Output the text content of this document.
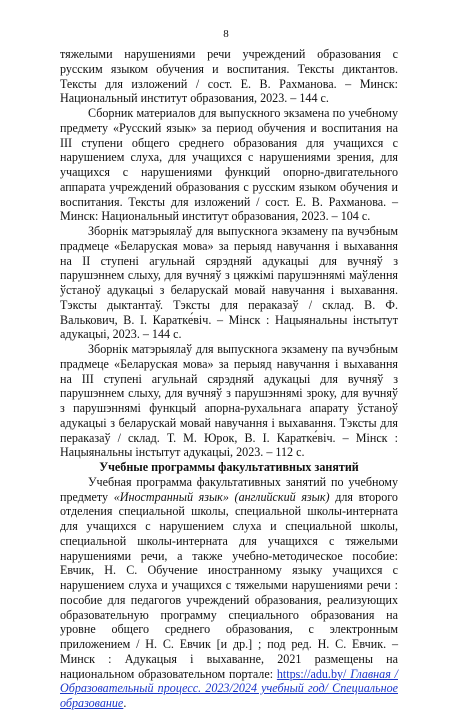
8

тяжелыми нарушениями речи учреждений образования с русским языком обучения и воспитания. Тексты диктантов. Тексты для изложений / сост. Е. В. Рахманова. – Минск: Национальный институт образования, 2023. – 144 с.

Сборник материалов для выпускного экзамена по учебному предмету «Русский язык» за период обучения и воспитания на III ступени общего среднего образования для учащихся с нарушением слуха, для учащихся с нарушениями зрения, для учащихся с нарушениями функций опорно-двигательного аппарата учреждений образования с русским языком обучения и воспитания. Тексты для изложений / сост. Е. В. Рахманова. – Минск: Национальный институт образования, 2023. – 104 с.

Зборнік матэрыялаў для выпускнога экзамену па вучэбным прадмеце «Беларуская мова» за перыяд навучання і выхавання на II ступені агульнай сярэдняй адукацыі для вучняў з парушэннем слыху, для вучняў з цяжкімі парушэннямі маўлення ўстаноў адукацыі з беларускай мовай навучання і выхавання. Тэксты дыктантаў. Тэксты для пераказаў / склад. В. Ф. Валькович, В. І. Каратке́віч. – Мінск : Нацыянальны інстытут адукацыі, 2023. – 144 с.

Зборнік матэрыялаў для выпускнога экзамену па вучэбным прадмеце «Беларуская мова» за перыяд навучання і выхавання на III ступені агульнай сярэдняй адукацыі для вучняў з парушэннем слыху, для вучняў з парушэннямі зроку, для вучняў з парушэннямі функцый апорна-рухальнага апарату ўстаноў адукацыі з беларускай мовай навучання і выхавання. Тэксты для пераказаў / склад. Т. М. Юрок, В. І. Каратке́віч. – Мінск : Нацыянальны інстытут адукацыі, 2023. – 112 с.

Учебные программы факультативных занятий

Учебная программа факультативных занятий по учебному предмету «Иностранный язык» (английский язык) для второго отделения специальной школы, специальной школы-интерната для учащихся с нарушением слуха и специальной школы, специальной школы-интерната для учащихся с тяжелыми нарушениями речи, а также учебно-методическое пособие: Евчик, Н. С. Обучение иностранному языку учащихся с нарушением слуха и учащихся с тяжелыми нарушениями речи : пособие для педагогов учреждений образования, реализующих образовательную программу специального образования на уровне общего среднего образования, с электронным приложением / Н. С. Евчик [и др.] ; под ред. Н. С. Евчик. – Минск : Адукацыя і выхаванне, 2021 размещены на национальном образовательном портале: https://adu.by/ Главная / Образовательный процесс. 2023/2024 учебный год/ Специальное образование.
